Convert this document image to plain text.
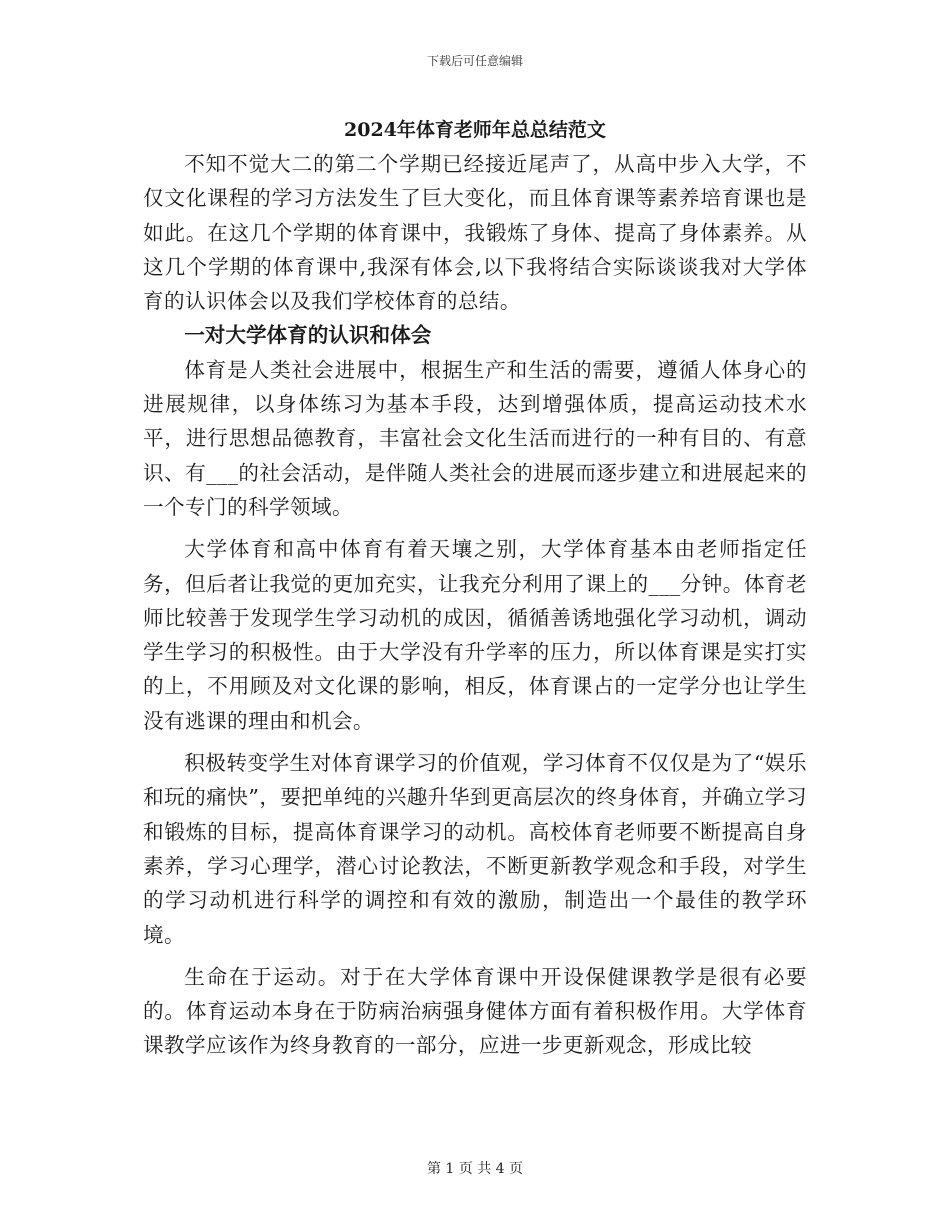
下载后可任意编辑
2024年体育老师年总总结范文

不知不觉大二的第二个学期已经接近尾声了，从高中步入大学，不仅文化课程的学习方法发生了巨大变化，而且体育课等素养培育课也是如此。在这几个学期的体育课中，我锻炼了身体、提高了身体素养。从这几个学期的体育课中,我深有体会,以下我将结合实际谈谈我对大学体育的认识体会以及我们学校体育的总结。

一对大学体育的认识和体会

体育是人类社会进展中，根据生产和生活的需要，遵循人体身心的进展规律，以身体练习为基本手段，达到增强体质，提高运动技术水平，进行思想品德教育，丰富社会文化生活而进行的一种有目的、有意识、有___的社会活动，是伴随人类社会的进展而逐步建立和进展起来的一个专门的科学领域。

大学体育和高中体育有着天壤之别，大学体育基本由老师指定任务，但后者让我觉的更加充实，让我充分利用了课上的___分钟。体育老师比较善于发现学生学习动机的成因，循循善诱地强化学习动机，调动学生学习的积极性。由于大学没有升学率的压力，所以体育课是实打实的上，不用顾及对文化课的影响，相反，体育课占的一定学分也让学生没有逃课的理由和机会。

积极转变学生对体育课学习的价值观，学习体育不仅仅是为了“娱乐和玩的痛快”，要把单纯的兴趣升华到更高层次的终身体育，并确立学习和锻炼的目标，提高体育课学习的动机。高校体育老师要不断提高自身素养，学习心理学，潜心讨论教法，不断更新教学观念和手段，对学生的学习动机进行科学的调控和有效的激励，制造出一个最佳的教学环境。

生命在于运动。对于在大学体育课中开设保健课教学是很有必要的。体育运动本身在于防病治病强身健体方面有着积极作用。大学体育课教学应该作为终身教育的一部分，应进一步更新观念，形成比较

第 1 页 共 4 页
